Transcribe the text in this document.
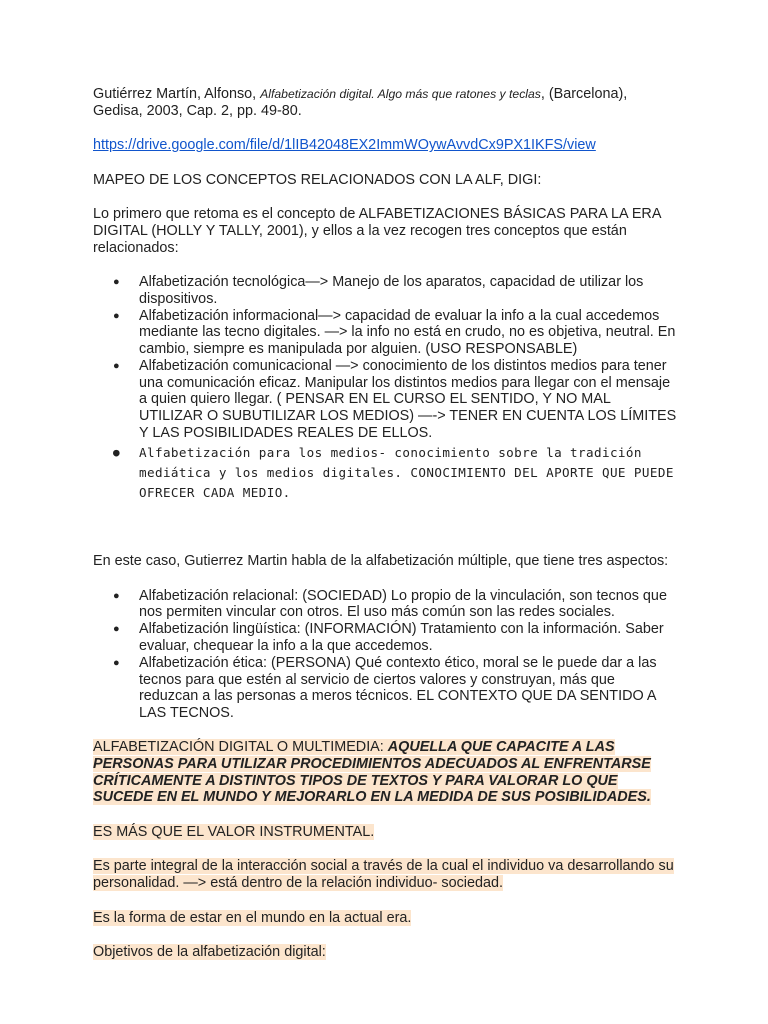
Gutiérrez Martín, Alfonso, Alfabetización digital. Algo más que ratones y teclas, (Barcelona), Gedisa, 2003, Cap. 2, pp. 49-80.

https://drive.google.com/file/d/1lIB42048EX2ImmWOywAvvdCx9PX1IKFS/view

MAPEO DE LOS CONCEPTOS RELACIONADOS CON LA ALF, DIGI:

Lo primero que retoma es el concepto de ALFABETIZACIONES BÁSICAS PARA LA ERA DIGITAL (HOLLY Y TALLY, 2001), y ellos a la vez recogen tres conceptos que están relacionados:

● Alfabetización tecnológica—> Manejo de los aparatos, capacidad de utilizar los dispositivos.
● Alfabetización informacional—> capacidad de evaluar la info a la cual accedemos mediante las tecno digitales. —> la info no está en crudo, no es objetiva, neutral. En cambio, siempre es manipulada por alguien. (USO RESPONSABLE)
● Alfabetización comunicacional —> conocimiento de los distintos medios para tener una comunicación eficaz. Manipular los distintos medios para llegar con el mensaje a quien quiero llegar. ( PENSAR EN EL CURSO EL SENTIDO, Y NO MAL UTILIZAR O SUBUTILIZAR LOS MEDIOS) —-> TENER EN CUENTA LOS LÍMITES Y LAS POSIBILIDADES REALES DE ELLOS.
● Alfabetización para los medios- conocimiento sobre la tradición mediática y los medios digitales. CONOCIMIENTO DEL APORTE QUE PUEDE OFRECER CADA MEDIO.

En este caso, Gutierrez Martin habla de la alfabetización múltiple, que tiene tres aspectos:

● Alfabetización relacional: (SOCIEDAD) Lo propio de la vinculación, son tecnos que nos permiten vincular con otros. El uso más común son las redes sociales.
● Alfabetización lingüística: (INFORMACIÓN) Tratamiento con la información. Saber evaluar, chequear la info a la que accedemos.
● Alfabetización ética: (PERSONA) Qué contexto ético, moral se le puede dar a las tecnos para que estén al servicio de ciertos valores y construyan, más que reduzcan a las personas a meros técnicos. EL CONTEXTO QUE DA SENTIDO A LAS TECNOS.

ALFABETIZACIÓN DIGITAL O MULTIMEDIA: AQUELLA QUE CAPACITE A LAS PERSONAS PARA UTILIZAR PROCEDIMIENTOS ADECUADOS AL ENFRENTARSE CRÍTICAMENTE A DISTINTOS TIPOS DE TEXTOS Y PARA VALORAR LO QUE SUCEDE EN EL MUNDO Y MEJORARLO EN LA MEDIDA DE SUS POSIBILIDADES.

ES MÁS QUE EL VALOR INSTRUMENTAL.

Es parte integral de la interacción social a través de la cual el individuo va desarrollando su personalidad. —> está dentro de la relación individuo- sociedad.

Es la forma de estar en el mundo en la actual era.

Objetivos de la alfabetización digital:
